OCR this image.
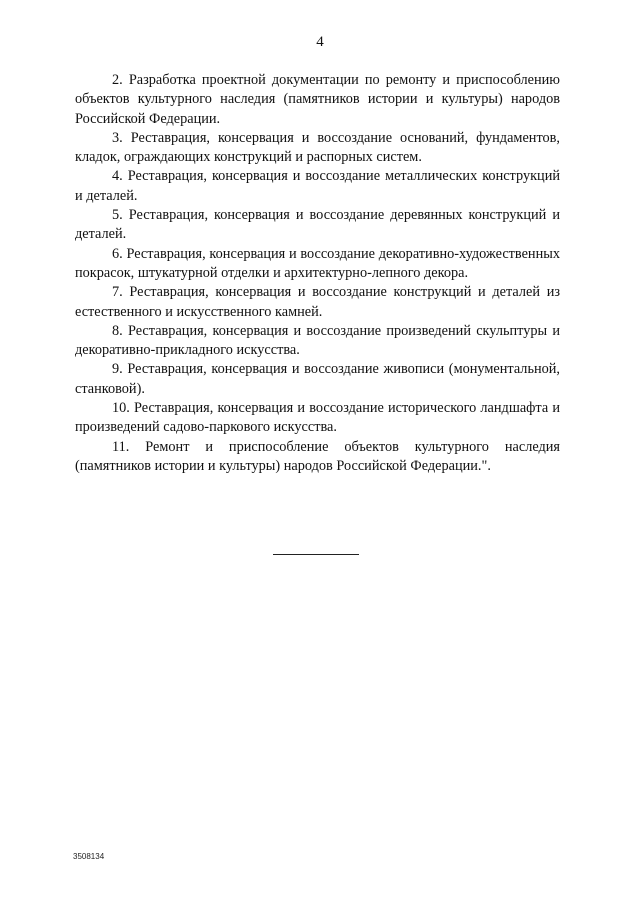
4

2. Разработка проектной документации по ремонту и приспособлению объектов культурного наследия (памятников истории и культуры) народов Российской Федерации.

3. Реставрация, консервация и воссоздание оснований, фундаментов, кладок, ограждающих конструкций и распорных систем.

4. Реставрация, консервация и воссоздание металлических конструкций и деталей.

5. Реставрация, консервация и воссоздание деревянных конструкций и деталей.

6. Реставрация, консервация и воссоздание декоративно-художественных покрасок, штукатурной отделки и архитектурно-лепного декора.

7. Реставрация, консервация и воссоздание конструкций и деталей из естественного и искусственного камней.

8. Реставрация, консервация и воссоздание произведений скульптуры и декоративно-прикладного искусства.

9. Реставрация, консервация и воссоздание живописи (монументальной, станковой).

10. Реставрация, консервация и воссоздание исторического ландшафта и произведений садово-паркового искусства.

11. Ремонт и приспособление объектов культурного наследия (памятников истории и культуры) народов Российской Федерации.".

3508134
